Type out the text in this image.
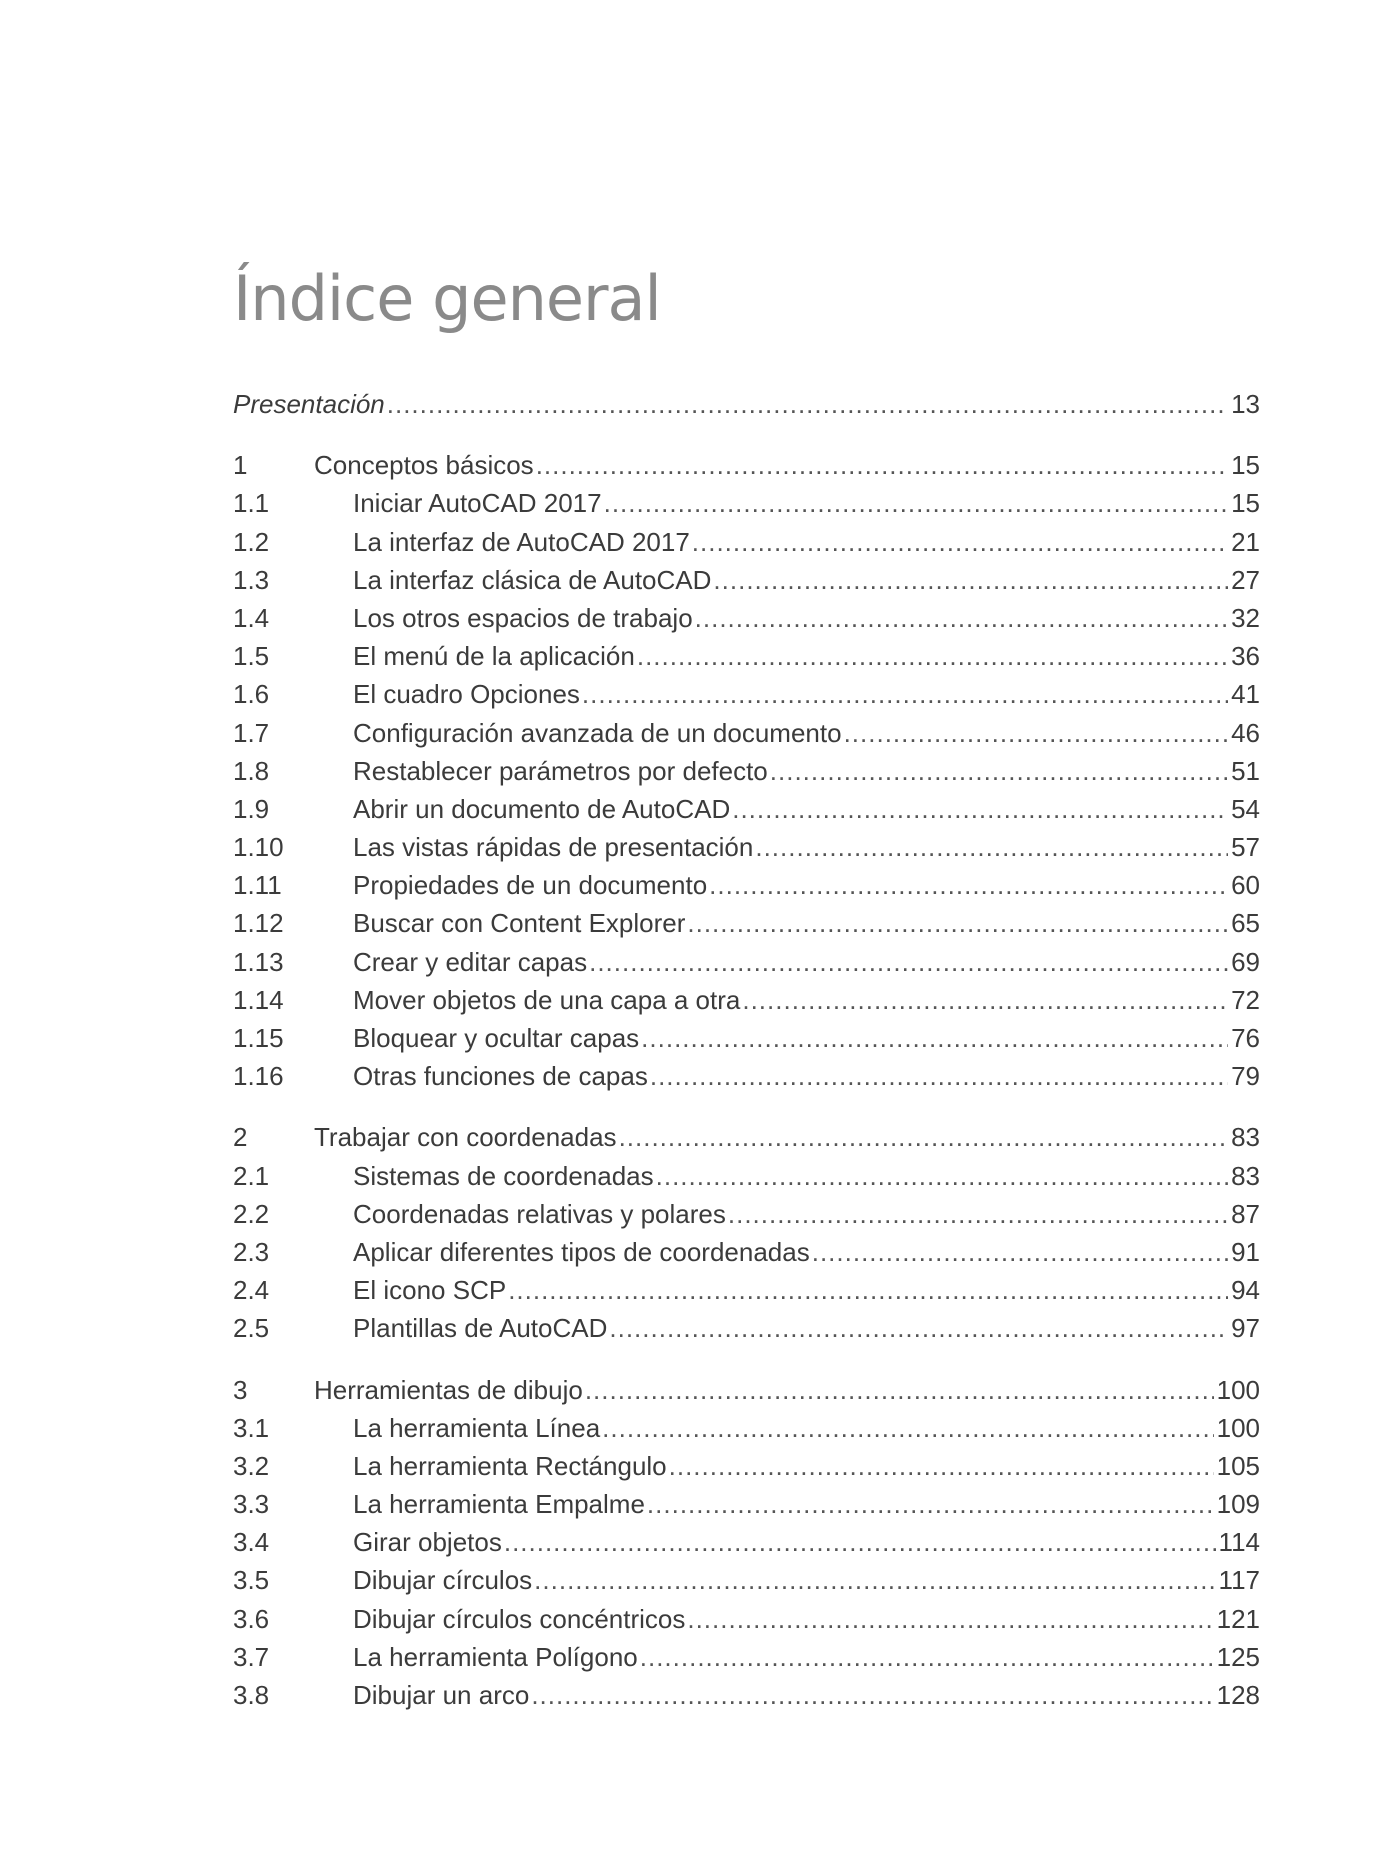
Índice general
Presentación .....	13
1	Conceptos básicos .....	15
1.1	Iniciar AutoCAD 2017 .....	15
1.2	La interfaz de AutoCAD 2017 .....	21
1.3	La interfaz clásica de AutoCAD .....	27
1.4	Los otros espacios de trabajo .....	32
1.5	El menú de la aplicación .....	36
1.6	El cuadro Opciones .....	41
1.7	Configuración avanzada de un documento .....	46
1.8	Restablecer parámetros por defecto .....	51
1.9	Abrir un documento de AutoCAD .....	54
1.10	Las vistas rápidas de presentación .....	57
1.11	Propiedades de un documento .....	60
1.12	Buscar con Content Explorer .....	65
1.13	Crear y editar capas .....	69
1.14	Mover objetos de una capa a otra .....	72
1.15	Bloquear y ocultar capas .....	76
1.16	Otras funciones de capas .....	79
2	Trabajar con coordenadas .....	83
2.1	Sistemas de coordenadas .....	83
2.2	Coordenadas relativas y polares .....	87
2.3	Aplicar diferentes tipos de coordenadas .....	91
2.4	El icono SCP .....	94
2.5	Plantillas de AutoCAD .....	97
3	Herramientas de dibujo .....	100
3.1	La herramienta Línea .....	100
3.2	La herramienta Rectángulo .....	105
3.3	La herramienta Empalme .....	109
3.4	Girar objetos .....	114
3.5	Dibujar círculos .....	117
3.6	Dibujar círculos concéntricos .....	121
3.7	La herramienta Polígono .....	125
3.8	Dibujar un arco .....	128
